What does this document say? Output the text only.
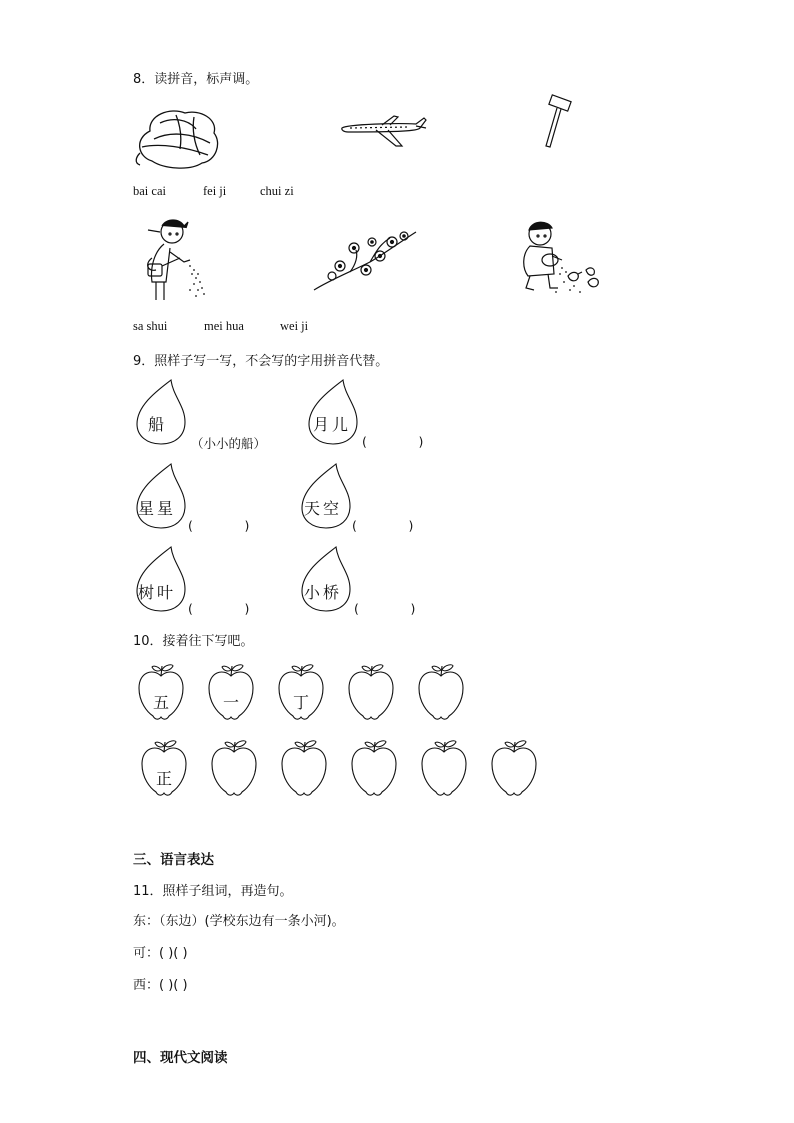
8．读拼音，标声调。
bai cai	fei ji	chui zi
sa shui	mei hua	wei ji
9．照样子写一写，不会写的字用拼音代替。
船
（小小的船）
月儿
(             )
星星
(             )
天空
(             )
树叶
(             )
小桥
(             )
10．接着往下写吧。
五	一	丁
正
三、语言表达
11．照样子组词，再造句。
东：（东边）(学校东边有一条小河)。
可：( )( )
西：( )( )
四、现代文阅读
